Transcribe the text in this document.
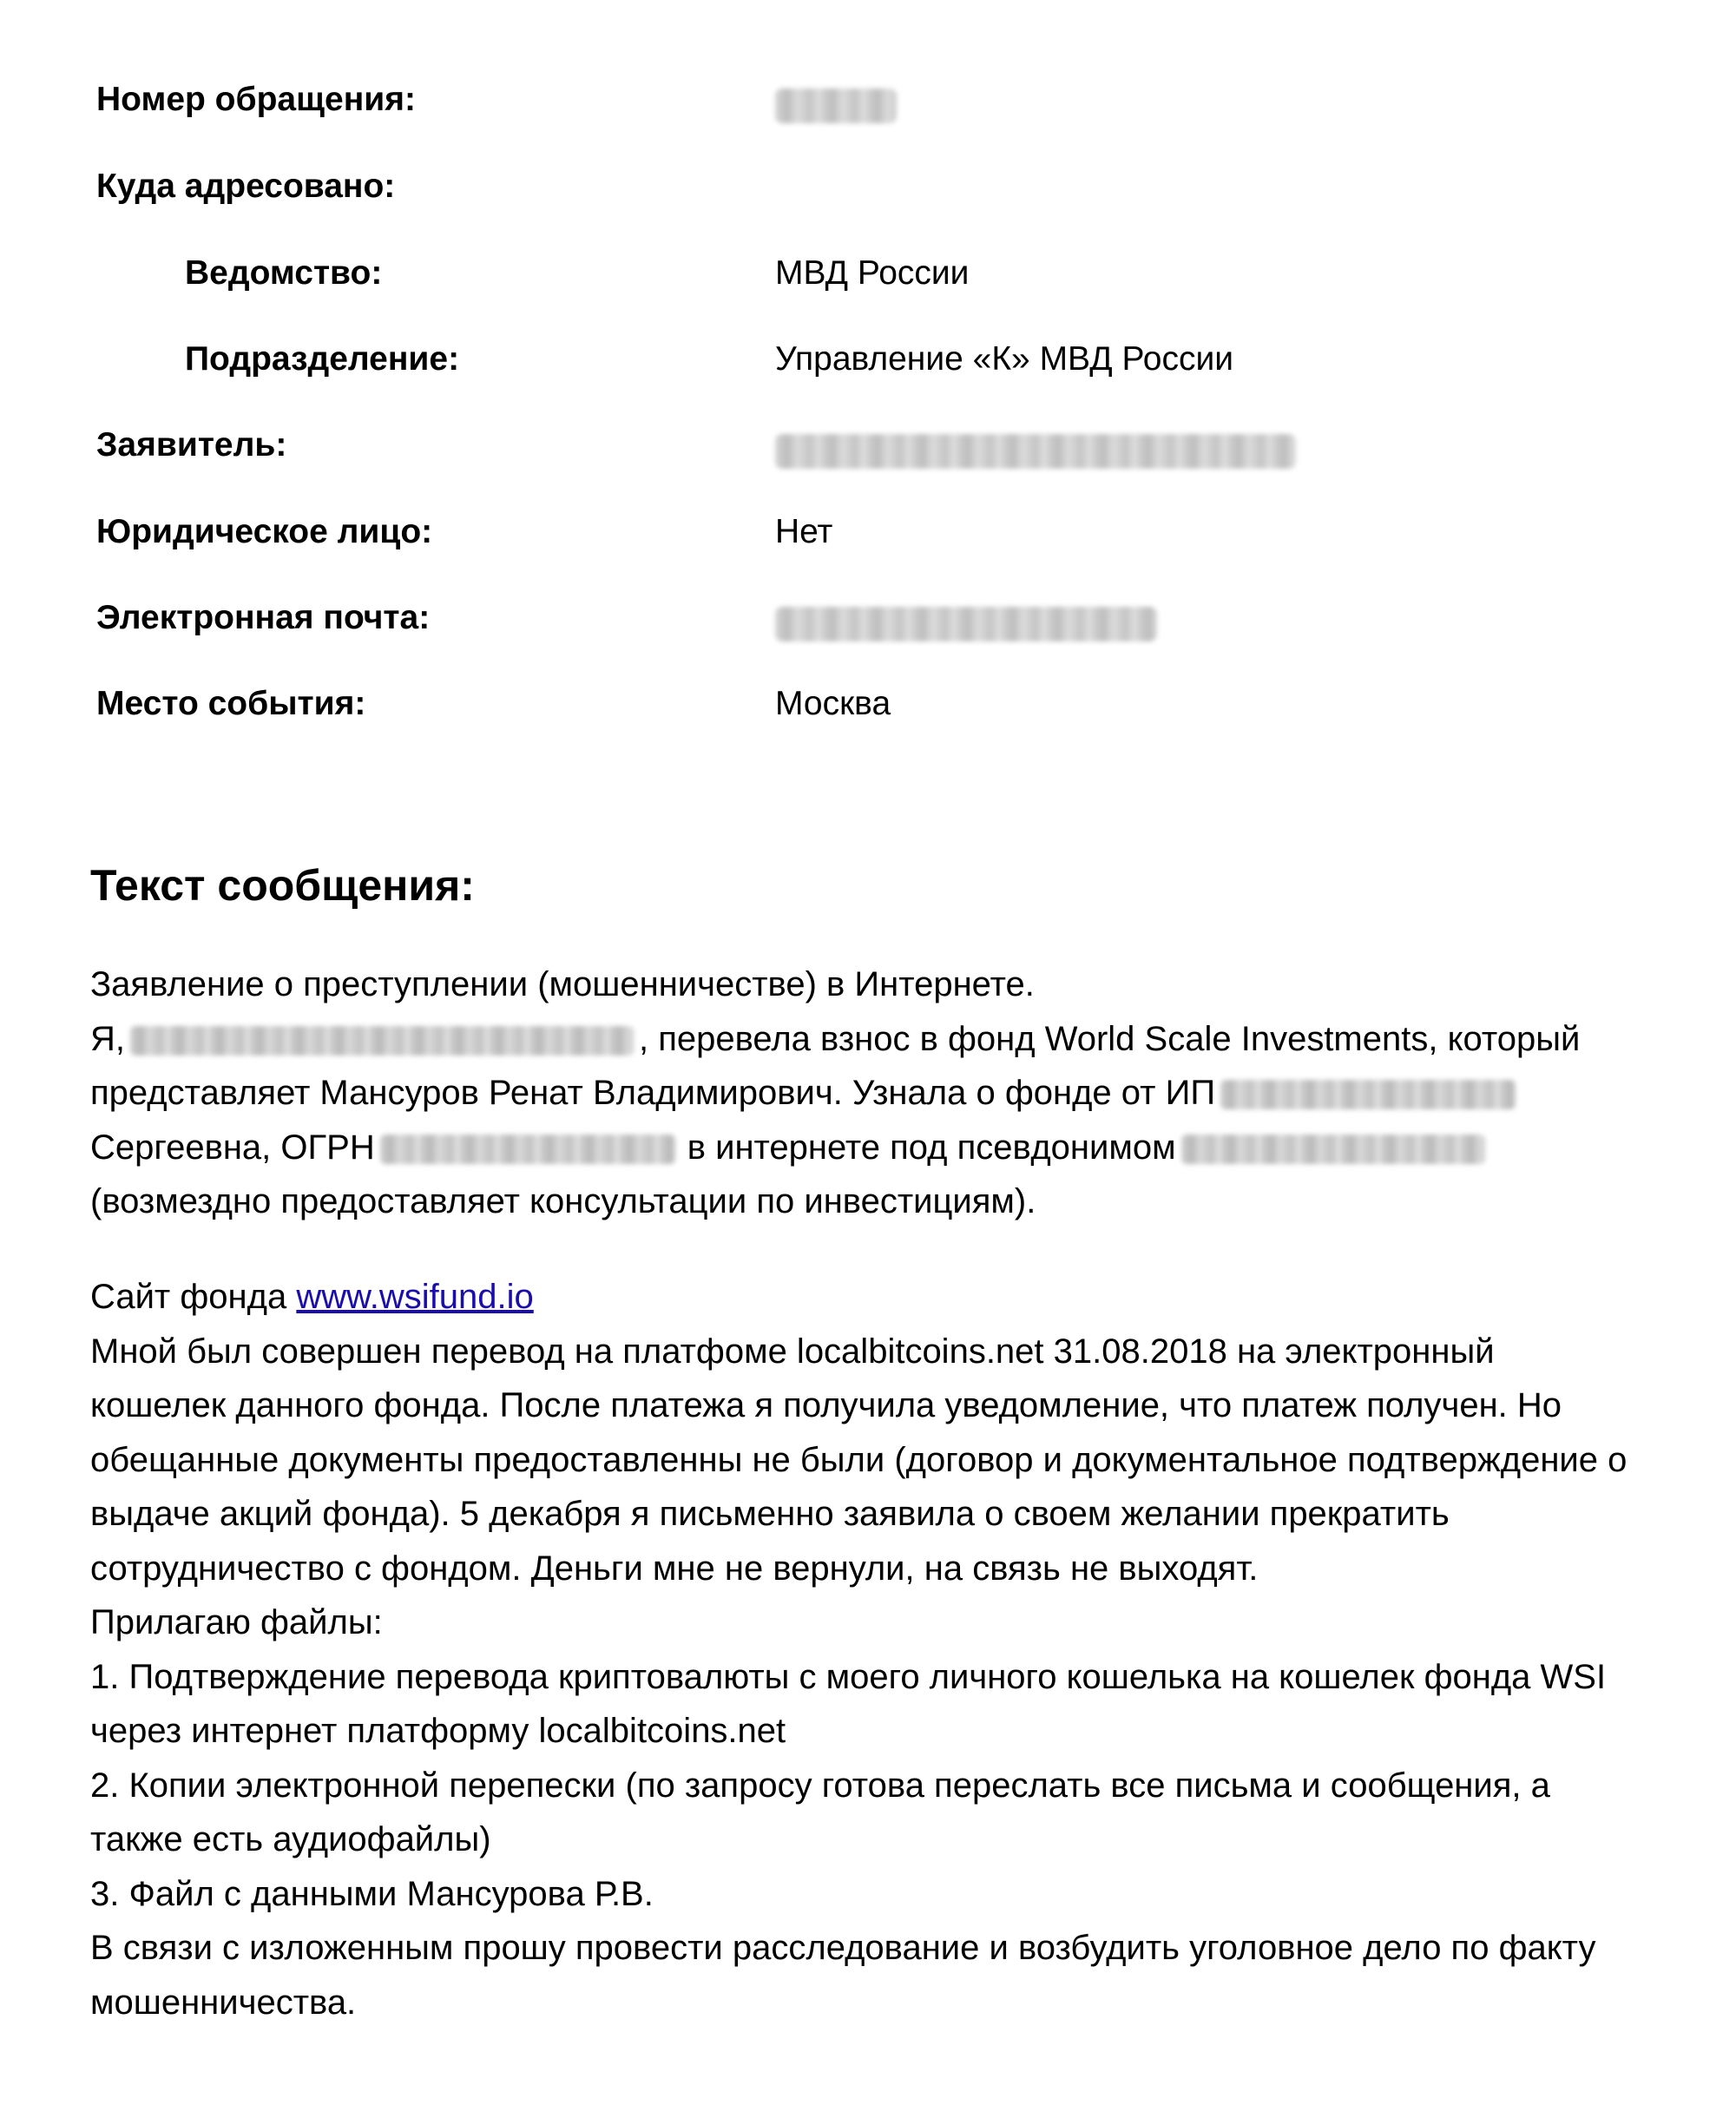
Номер обращения:
Куда адресовано:
Ведомство:	МВД России
Подразделение:	Управление «К» МВД России
Заявитель:
Юридическое лицо:	Нет
Электронная почта:
Место события:	Москва
Текст сообщения:
Заявление о преступлении (мошенничестве) в Интернете.
Я,	, перевела взнос в фонд World Scale Investments, который
представляет Мансуров Ренат Владимирович. Узнала о фонде от ИП
Сергеевна, ОГРН	в интернете под псевдонимом
(возмездно предоставляет консультации по инвестициям).
Сайт фонда www.wsifund.io
Мной был совершен перевод на платфоме localbitcoins.net 31.08.2018 на электронный
кошелек данного фонда. После платежа я получила уведомление, что платеж получен. Но
обещанные документы предоставленны не были (договор и документальное подтверждение о
выдаче акций фонда). 5 декабря я письменно заявила о своем желании прекратить
сотрудничество с фондом. Деньги мне не вернули, на связь не выходят.
Прилагаю файлы:
1. Подтверждение перевода криптовалюты с моего личного кошелька на кошелек фонда WSI
через интернет платформу localbitcoins.net
2. Копии электронной перепески (по запросу готова переслать все письма и сообщения, а
также есть аудиофайлы)
3. Файл с данными Мансурова Р.В.
В связи с изложенным прошу провести расследование и возбудить уголовное дело по факту
мошенничества.
